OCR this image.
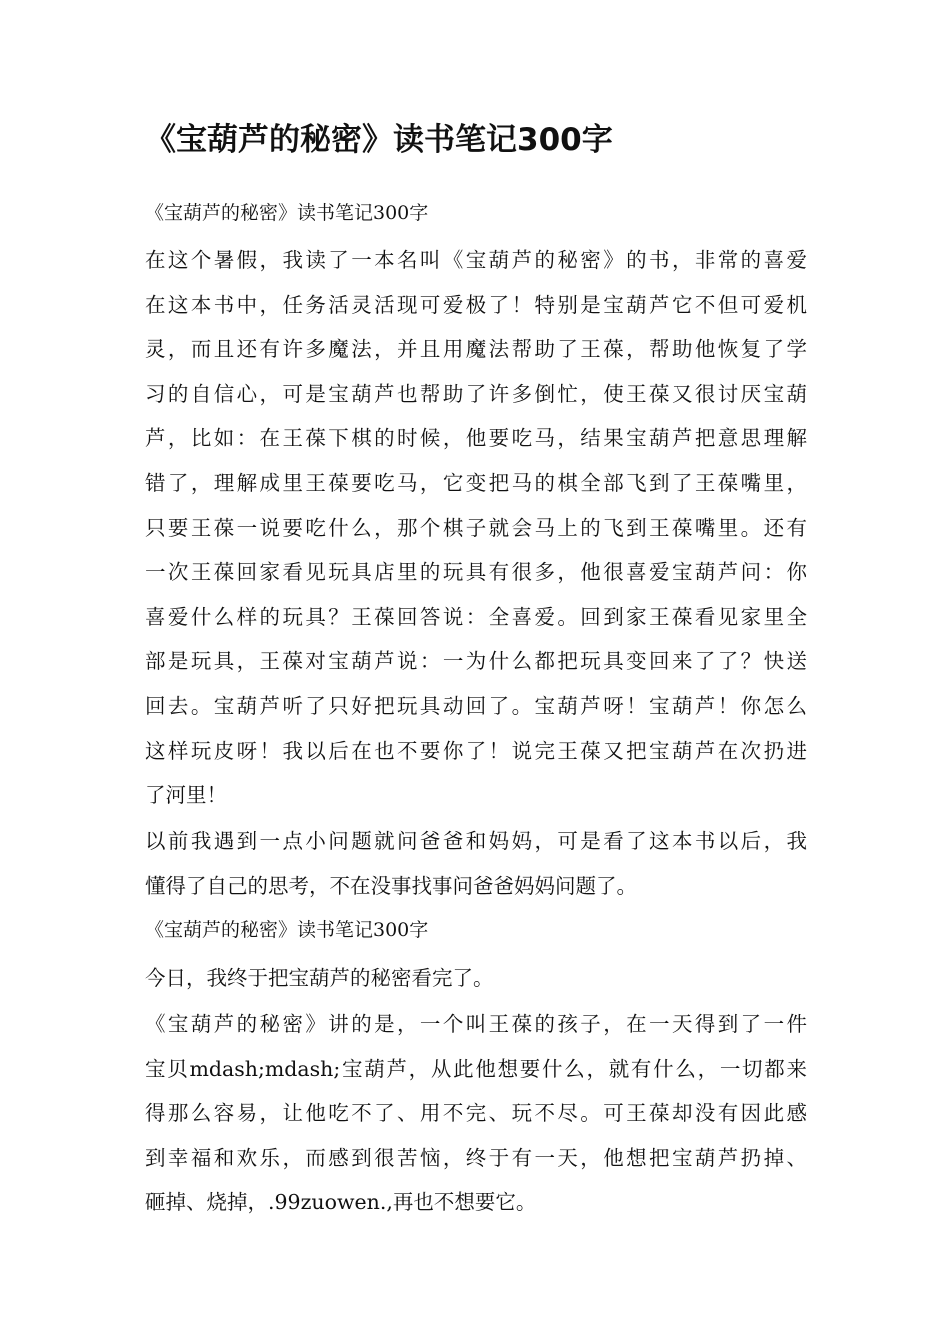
《宝葫芦的秘密》读书笔记300字
《宝葫芦的秘密》读书笔记300字
在这个暑假，我读了一本名叫《宝葫芦的秘密》的书，非常的喜爱
在这本书中，任务活灵活现可爱极了！特别是宝葫芦它不但可爱机
灵，而且还有许多魔法，并且用魔法帮助了王葆，帮助他恢复了学
习的自信心，可是宝葫芦也帮助了许多倒忙，使王葆又很讨厌宝葫
芦，比如：在王葆下棋的时候，他要吃马，结果宝葫芦把意思理解
错了，理解成里王葆要吃马，它变把马的棋全部飞到了王葆嘴里，
只要王葆一说要吃什么，那个棋子就会马上的飞到王葆嘴里。还有
一次王葆回家看见玩具店里的玩具有很多，他很喜爱宝葫芦问：你
喜爱什么样的玩具？王葆回答说：全喜爱。回到家王葆看见家里全
部是玩具，王葆对宝葫芦说：一为什么都把玩具变回来了了？快送
回去。宝葫芦听了只好把玩具动回了。宝葫芦呀！宝葫芦！你怎么
这样玩皮呀！我以后在也不要你了！说完王葆又把宝葫芦在次扔进
了河里！
以前我遇到一点小问题就问爸爸和妈妈，可是看了这本书以后，我
懂得了自己的思考，不在没事找事问爸爸妈妈问题了。
《宝葫芦的秘密》读书笔记300字
今日，我终于把宝葫芦的秘密看完了。
《宝葫芦的秘密》讲的是，一个叫王葆的孩子，在一天得到了一件
宝贝mdash;mdash;宝葫芦，从此他想要什么，就有什么，一切都来
得那么容易，让他吃不了、用不完、玩不尽。可王葆却没有因此感
到幸福和欢乐，而感到很苦恼，终于有一天，他想把宝葫芦扔掉、
砸掉、烧掉，.99zuowen.,再也不想要它。
